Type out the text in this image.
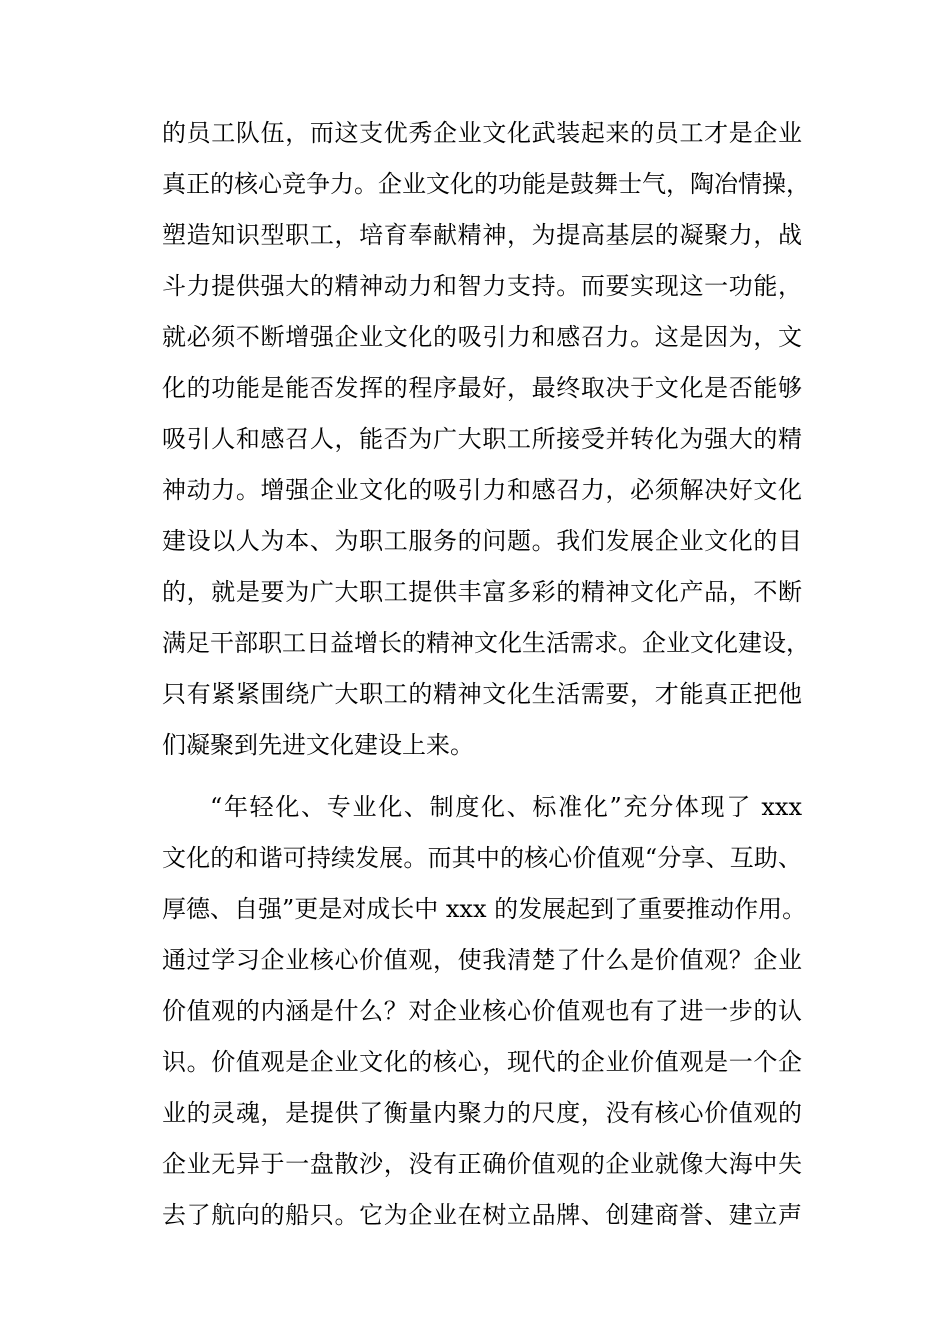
的员工队伍，而这支优秀企业文化武装起来的员工才是企业
真正的核心竞争力。企业文化的功能是鼓舞士气，陶冶情操，
塑造知识型职工，培育奉献精神，为提高基层的凝聚力，战
斗力提供强大的精神动力和智力支持。而要实现这一功能，
就必须不断增强企业文化的吸引力和感召力。这是因为，文
化的功能是能否发挥的程序最好，最终取决于文化是否能够
吸引人和感召人，能否为广大职工所接受并转化为强大的精
神动力。增强企业文化的吸引力和感召力，必须解决好文化
建设以人为本、为职工服务的问题。我们发展企业文化的目
的，就是要为广大职工提供丰富多彩的精神文化产品，不断
满足干部职工日益增长的精神文化生活需求。企业文化建设，
只有紧紧围绕广大职工的精神文化生活需要，才能真正把他
们凝聚到先进文化建设上来。
“年轻化、专业化、制度化、标准化”充分体现了 xxx
文化的和谐可持续发展。而其中的核心价值观“分享、互助、
厚德、自强”更是对成长中 xxx 的发展起到了重要推动作用。
通过学习企业核心价值观，使我清楚了什么是价值观？企业
价值观的内涵是什么？对企业核心价值观也有了进一步的认
识。价值观是企业文化的核心，现代的企业价值观是一个企
业的灵魂，是提供了衡量内聚力的尺度，没有核心价值观的
企业无异于一盘散沙，没有正确价值观的企业就像大海中失
去了航向的船只。它为企业在树立品牌、创建商誉、建立声
